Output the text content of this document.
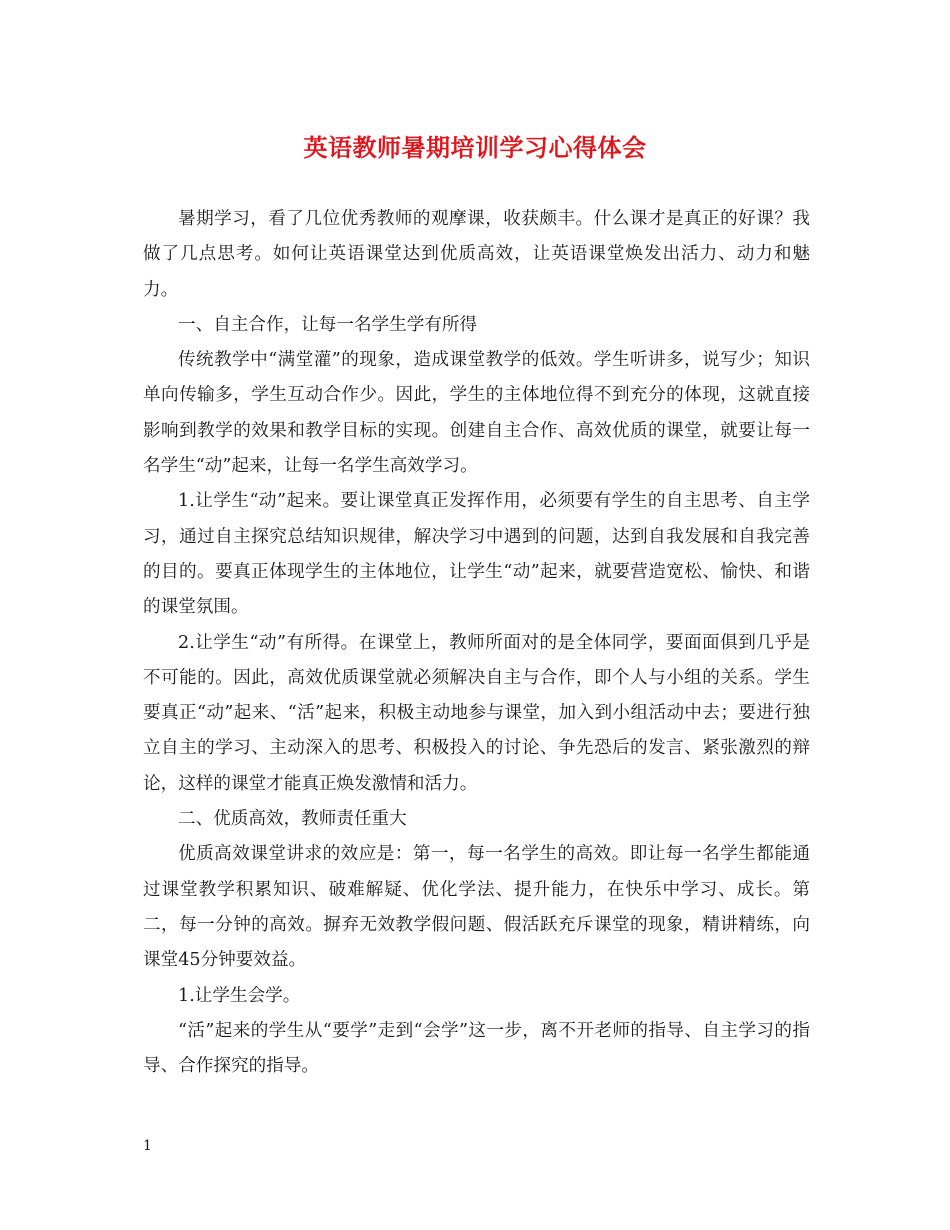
英语教师暑期培训学习心得体会

暑期学习，看了几位优秀教师的观摩课，收获颇丰。什么课才是真正的好课？我做了几点思考。如何让英语课堂达到优质高效，让英语课堂焕发出活力、动力和魅力。

一、自主合作，让每一名学生学有所得

传统教学中“满堂灌”的现象，造成课堂教学的低效。学生听讲多，说写少；知识单向传输多，学生互动合作少。因此，学生的主体地位得不到充分的体现，这就直接影响到教学的效果和教学目标的实现。创建自主合作、高效优质的课堂，就要让每一名学生“动”起来，让每一名学生高效学习。

1.让学生“动”起来。要让课堂真正发挥作用，必须要有学生的自主思考、自主学习，通过自主探究总结知识规律，解决学习中遇到的问题，达到自我发展和自我完善的目的。要真正体现学生的主体地位，让学生“动”起来，就要营造宽松、愉快、和谐的课堂氛围。

2.让学生“动”有所得。在课堂上，教师所面对的是全体同学，要面面俱到几乎是不可能的。因此，高效优质课堂就必须解决自主与合作，即个人与小组的关系。学生要真正“动”起来、“活”起来，积极主动地参与课堂，加入到小组活动中去；要进行独立自主的学习、主动深入的思考、积极投入的讨论、争先恐后的发言、紧张激烈的辩论，这样的课堂才能真正焕发激情和活力。

二、优质高效，教师责任重大

优质高效课堂讲求的效应是：第一，每一名学生的高效。即让每一名学生都能通过课堂教学积累知识、破难解疑、优化学法、提升能力，在快乐中学习、成长。第二，每一分钟的高效。摒弃无效教学假问题、假活跃充斥课堂的现象，精讲精练，向课堂45分钟要效益。

1.让学生会学。

“活”起来的学生从“要学”走到“会学”这一步，离不开老师的指导、自主学习的指导、合作探究的指导。

1
